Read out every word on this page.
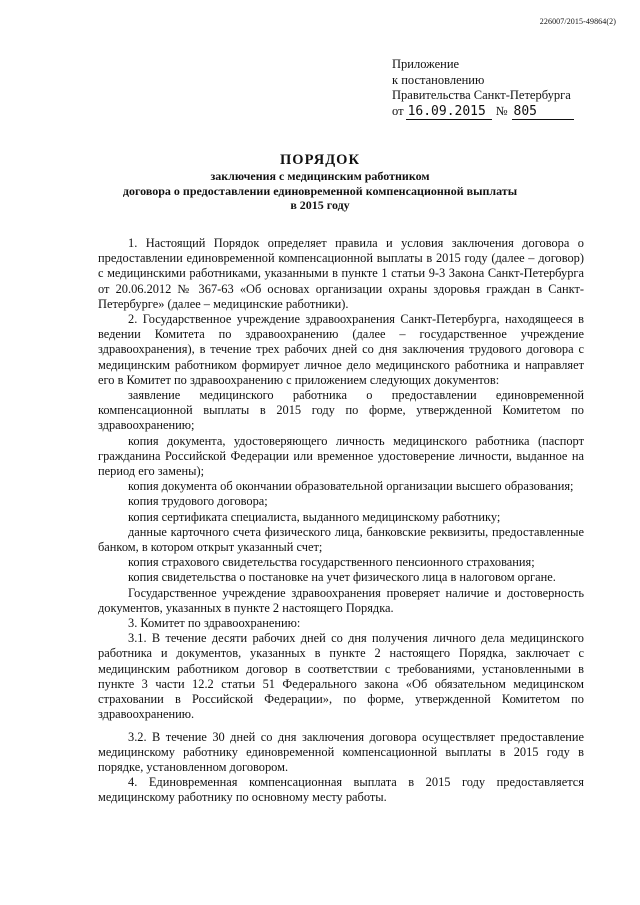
226007/2015-49864(2)
Приложение
к постановлению
Правительства Санкт-Петербурга
от 16.09.2015 № 805
ПОРЯДОК
заключения с медицинским работником
договора о предоставлении единовременной компенсационной выплаты
в 2015 году

1. Настоящий Порядок определяет правила и условия заключения договора о предоставлении единовременной компенсационной выплаты в 2015 году (далее – договор) с медицинскими работниками, указанными в пункте 1 статьи 9-3 Закона Санкт-Петербурга от 20.06.2012 № 367-63 «Об основах организации охраны здоровья граждан в Санкт-Петербурге» (далее – медицинские работники).

2. Государственное учреждение здравоохранения Санкт-Петербурга, находящееся в ведении Комитета по здравоохранению (далее – государственное учреждение здравоохранения), в течение трех рабочих дней со дня заключения трудового договора с медицинским работником формирует личное дело медицинского работника и направляет его в Комитет по здравоохранению с приложением следующих документов:

заявление медицинского работника о предоставлении единовременной компенсационной выплаты в 2015 году по форме, утвержденной Комитетом по здравоохранению;

копия документа, удостоверяющего личность медицинского работника (паспорт гражданина Российской Федерации или временное удостоверение личности, выданное на период его замены);

копия документа об окончании образовательной организации высшего образования;

копия трудового договора;

копия сертификата специалиста, выданного медицинскому работнику;

данные карточного счета физического лица, банковские реквизиты, предоставленные банком, в котором открыт указанный счет;

копия страхового свидетельства государственного пенсионного страхования;

копия свидетельства о постановке на учет физического лица в налоговом органе.

Государственное учреждение здравоохранения проверяет наличие и достоверность документов, указанных в пункте 2 настоящего Порядка.

3. Комитет по здравоохранению:

3.1. В течение десяти рабочих дней со дня получения личного дела медицинского работника и документов, указанных в пункте 2 настоящего Порядка, заключает с медицинским работником договор в соответствии с требованиями, установленными в пункте 3 части 12.2 статьи 51 Федерального закона «Об обязательном медицинском страховании в Российской Федерации», по форме, утвержденной Комитетом по здравоохранению.

3.2. В течение 30 дней со дня заключения договора осуществляет предоставление медицинскому работнику единовременной компенсационной выплаты в 2015 году в порядке, установленном договором.

4. Единовременная компенсационная выплата в 2015 году предоставляется медицинскому работнику по основному месту работы.
